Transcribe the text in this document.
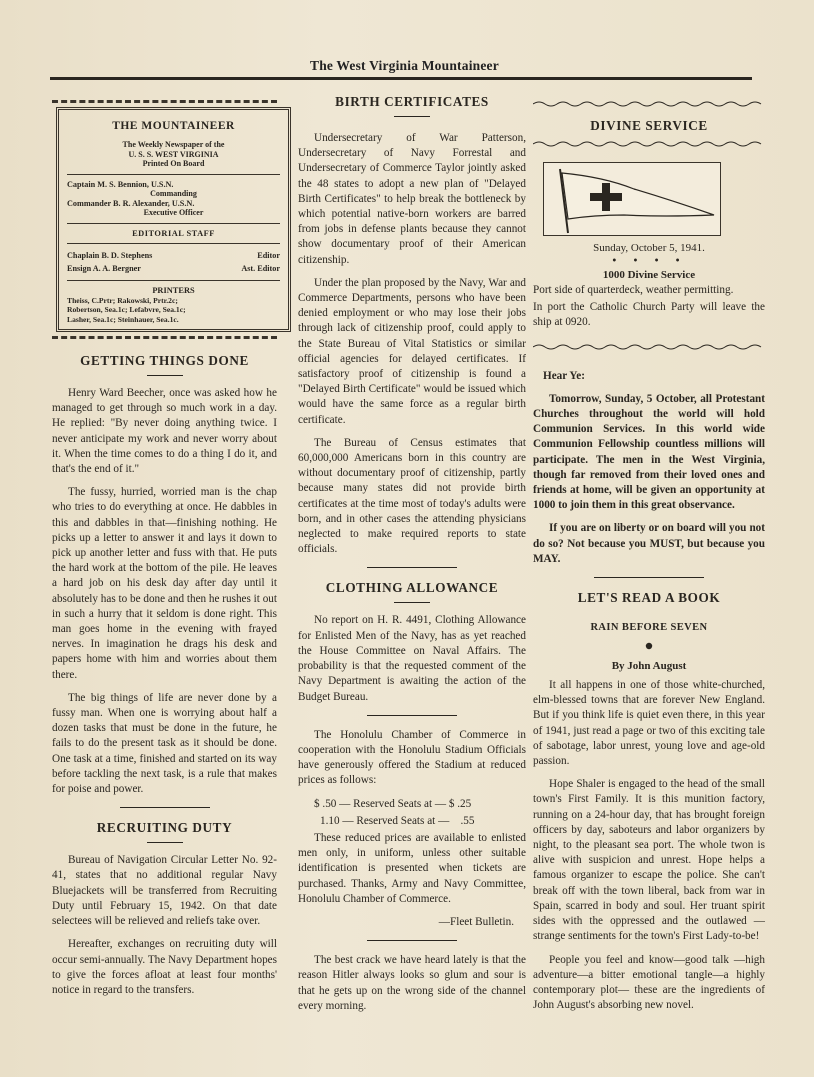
The West Virginia Mountaineer
THE MOUNTAINEER
The Weekly Newspaper of the
U. S. S. WEST VIRGINIA
Printed On Board
Captain M. S. Bennion, U.S.N.
Commanding
Commander B. R. Alexander, U.S.N.
Executive Officer
EDITORIAL STAFF
Chaplain B. D. Stephens	Editor
Ensign A. A. Bergner	Ast. Editor
PRINTERS
Theiss, C.Prtr; Rakowski, Prtr.2c;
Robertson, Sea.1c; Lefabvre, Sea.1c;
Lasher, Sea.1c; Steinhauer, Sea.1c.
GETTING THINGS DONE

Henry Ward Beecher, once was asked how he managed to get through so much work in a day. He replied: "By never doing anything twice. I never anticipate my work and never worry about it. When the time comes to do a thing I do it, and that's the end of it."

The fussy, hurried, worried man is the chap who tries to do everything at once. He dabbles in this and dabbles in that—finishing nothing. He picks up a letter to answer it and lays it down to pick up another letter and fuss with that. He puts the hard work at the bottom of the pile. He leaves a hard job on his desk day after day until it absolutely has to be done and then he rushes it out in such a hurry that it seldom is done right. This man goes home in the evening with frayed nerves. In imagination he drags his desk and papers home with him and worries about them there.

The big things of life are never done by a fussy man. When one is worrying about half a dozen tasks that must be done in the future, he fails to do the present task as it should be done. One task at a time, finished and started on its way before tackling the next task, is a rule that makes for poise and power.

RECRUITING DUTY

Bureau of Navigation Circular Letter No. 92-41, states that no additional regular Navy Bluejackets will be transferred from Recruiting Duty until February 15, 1942. On that date selectees will be relieved and reliefs take over.

Hereafter, exchanges on recruiting duty will occur semi-annually. The Navy Department hopes to give the forces afloat at least four months' notice in regard to the transfers.

BIRTH CERTIFICATES

Undersecretary of War Patterson, Undersecretary of Navy Forrestal and Undersecretary of Commerce Taylor jointly asked the 48 states to adopt a new plan of "Delayed Birth Certificates" to help break the bottleneck by which potential native-born workers are barred from jobs in defense plants because they cannot show documentary proof of their American citizenship.

Under the plan proposed by the Navy, War and Commerce Departments, persons who have been denied employment or who may lose their jobs through lack of citizenship proof, could apply to the State Bureau of Vital Statistics or similar official agencies for delayed certificates. If satisfactory proof of citizenship is found a "Delayed Birth Certificate" would be issued which would have the same force as a regular birth certificate.

The Bureau of Census estimates that 60,000,000 Americans born in this country are without documentary proof of citizenship, partly because many states did not provide birth certificates at the time most of today's adults were born, and in other cases the attending physicians neglected to make required reports to state officials.

CLOTHING ALLOWANCE

No report on H. R. 4491, Clothing Allowance for Enlisted Men of the Navy, has as yet reached the House Committee on Naval Affairs. The probability is that the requested comment of the Navy Department is awaiting the action of the Budget Bureau.

The Honolulu Chamber of Commerce in cooperation with the Honolulu Stadium Officials have generously offered the Stadium at reduced prices as follows:

$ .50 — Reserved Seats at — $ .25

1.10 — Reserved Seats at —    .55

These reduced prices are available to enlisted men only, in uniform, unless other suitable identification is presented when tickets are purchased. Thanks, Army and Navy Committee, Honolulu Chamber of Commerce.

—Fleet Bulletin.

The best crack we have heard lately is that the reason Hitler always looks so glum and sour is that he gets up on the wrong side of the channel every morning.

DIVINE SERVICE
Sunday, October 5, 1941.
• • • •
1000 Divine Service

Port side of quarterdeck, weather permitting.

In port the Catholic Church Party will leave the ship at 0920.

Hear Ye:

Tomorrow, Sunday, 5 October, all Protestant Churches throughout the world will hold Communion Services. In this world wide Communion Fellowship countless millions will participate. The men in the West Virginia, though far removed from their loved ones and friends at home, will be given an opportunity at 1000 to join them in this great observance.

If you are on liberty or on board will you not do so? Not because you MUST, but because you MAY.

LET'S READ A BOOK
RAIN BEFORE SEVEN
By John August

It all happens in one of those white-churched, elm-blessed towns that are forever New England. But if you think life is quiet even there, in this year of 1941, just read a page or two of this exciting tale of sabotage, labor unrest, young love and age-old passion.

Hope Shaler is engaged to the head of the small town's First Family. It is this munition factory, running on a 24-hour day, that has brought foreign officers by day, saboteurs and labor organizers by night, to the pleasant sea port. The whole twon is alive with suspicion and unrest. Hope helps a famous organizer to escape the police. She can't break off with the town liberal, back from war in Spain, scarred in body and soul. Her truant spirit sides with the oppressed and the outlawed — strange sentiments for the town's First Lady-to-be!

People you feel and know—good talk —high adventure—a bitter emotional tangle—a highly contemporary plot— these are the ingredients of John August's absorbing new novel.
